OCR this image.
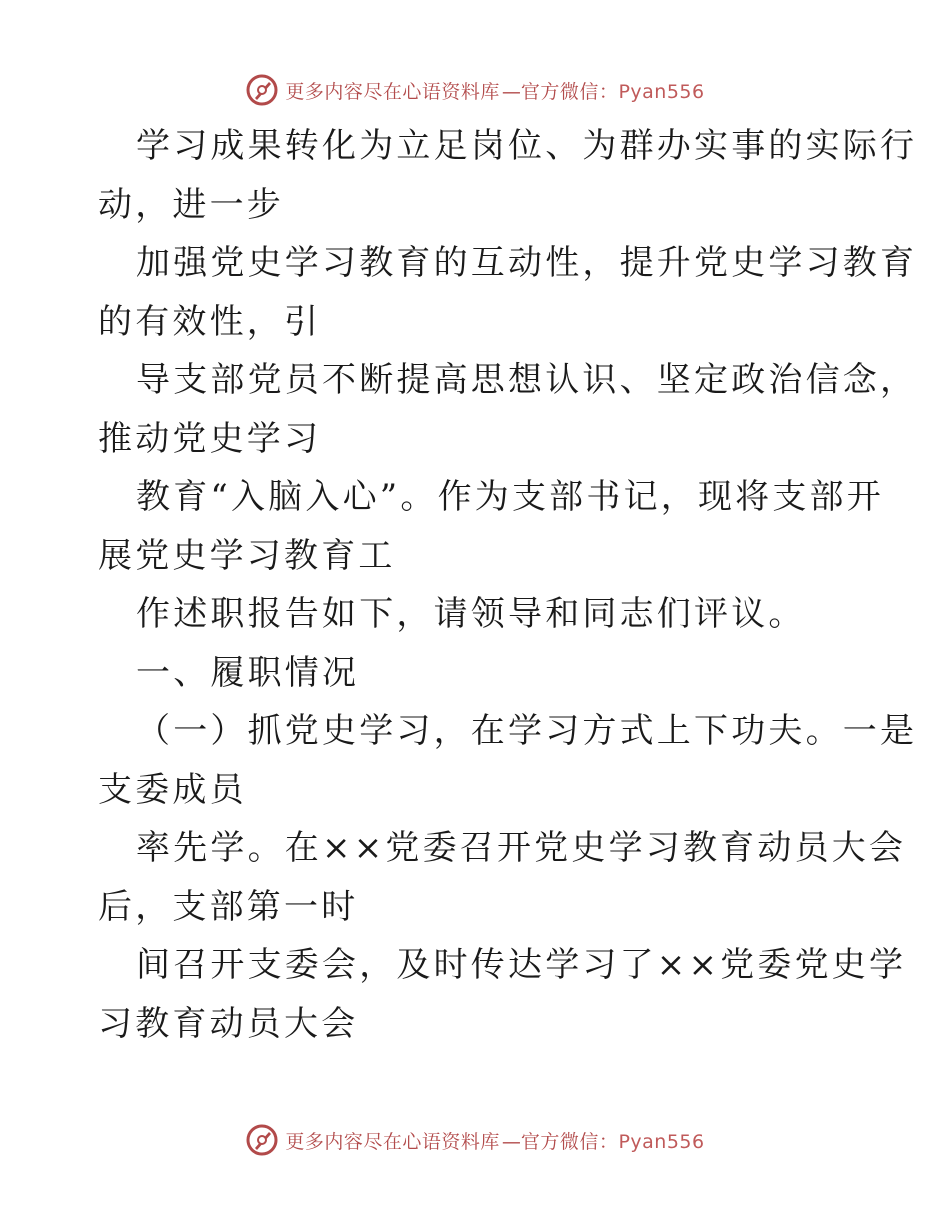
更多内容尽在心语资料库 — 官方微信：Pyan556
学习成果转化为立足岗位、为群办实事的实际行
动，进一步
加强党史学习教育的互动性，提升党史学习教育
的有效性，引
导支部党员不断提高思想认识、坚定政治信念，
推动党史学习
教育“入脑入心”。作为支部书记，现将支部开
展党史学习教育工
作述职报告如下，请领导和同志们评议。
一、履职情况
（一）抓党史学习，在学习方式上下功夫。一是
支委成员
率先学。在××党委召开党史学习教育动员大会
后，支部第一时
间召开支委会，及时传达学习了××党委党史学
习教育动员大会
更多内容尽在心语资料库 — 官方微信：Pyan556
